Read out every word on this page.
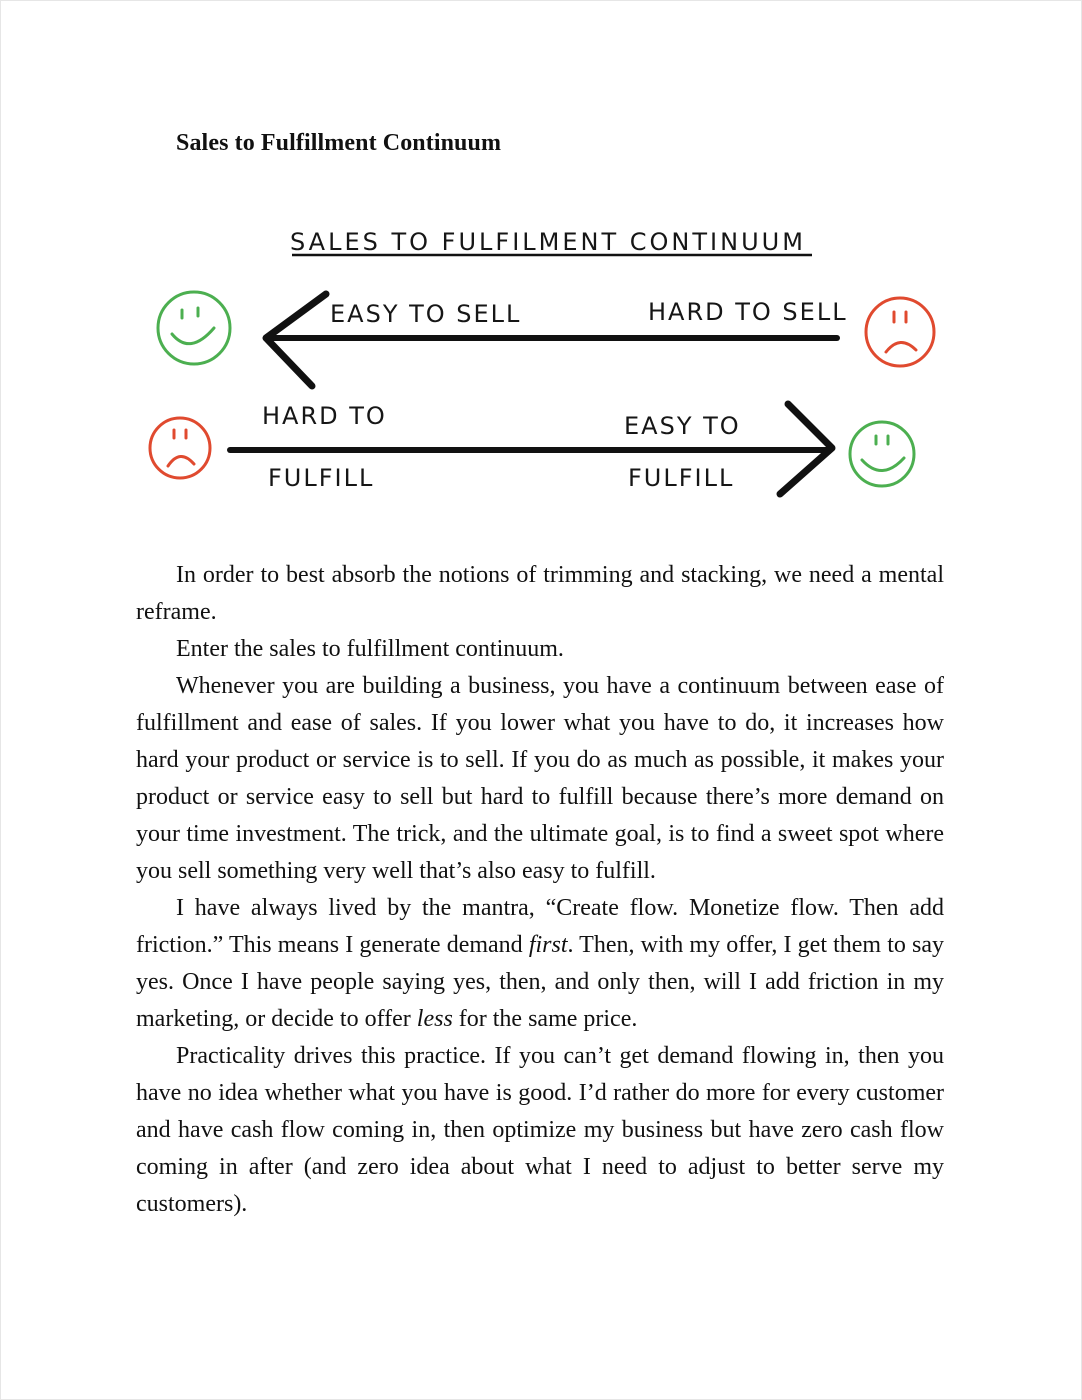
Sales to Fulfillment Continuum
SALES TO FULFILMENT CONTINUUM
EASY TO SELL	HARD TO SELL
HARD TO
FULFILL
EASY TO
FULFILL

In order to best absorb the notions of trimming and stacking, we need a mental reframe.

Enter the sales to fulfillment continuum.

Whenever you are building a business, you have a continuum between ease of fulfillment and ease of sales. If you lower what you have to do, it increases how hard your product or service is to sell. If you do as much as possible, it makes your product or service easy to sell but hard to fulfill because there’s more demand on your time investment. The trick, and the ultimate goal, is to find a sweet spot where you sell something very well that’s also easy to fulfill.

I have always lived by the mantra, “Create flow. Monetize flow. Then add friction.” This means I generate demand first. Then, with my offer, I get them to say yes. Once I have people saying yes, then, and only then, will I add friction in my marketing, or decide to offer less for the same price.

Practicality drives this practice. If you can’t get demand flowing in, then you have no idea whether what you have is good. I’d rather do more for every customer and have cash flow coming in, then optimize my business but have zero cash flow coming in after (and zero idea about what I need to adjust to better serve my customers).
